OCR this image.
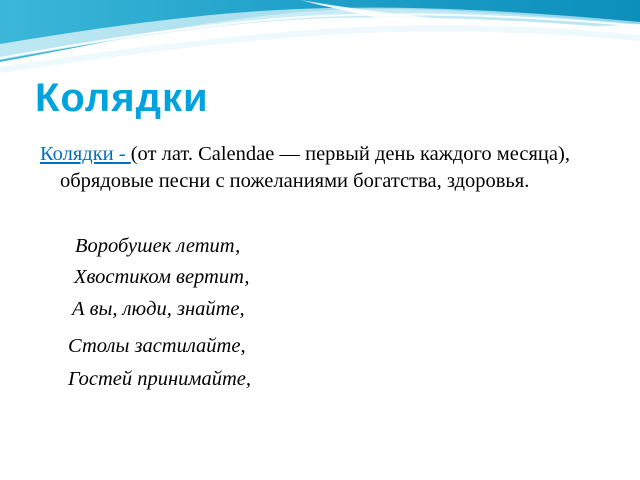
Колядки

Колядки - (от лат. Calendae — первый день каждого месяца), обрядовые песни с пожеланиями богатства, здоровья.

Воробушек летит,

Хвостиком вертит,

А вы, люди, знайте,

Столы застилайте,

Гостей принимайте,
